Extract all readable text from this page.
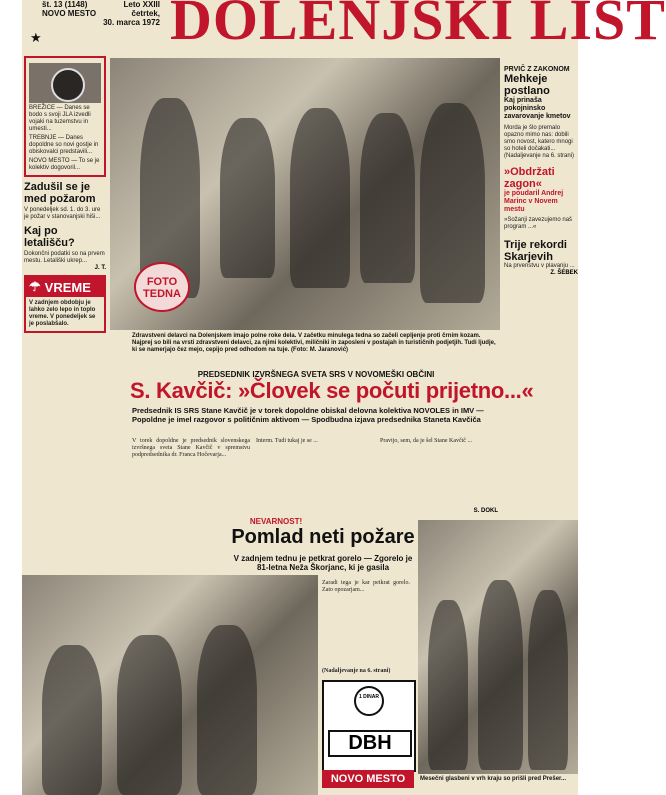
št. 13 (1148)	Leto XXIII
NOVO MESTO	četrtek,
30. marca 1972
★ DOLENJSKI LIST
BREŽICE — Danes se bodo s svoji JLA izvedli vojaki na tuzemstvu in umesti...
TREBNJE — Danes dopoldne so novi gostje in obiskovalci predstavili...
NOVO MESTO — To se je kolektiv dogovoril...
Zadušil se je med požarom
V ponedeljek sd. 1. do 3. ure je požar v stanovanjski hiši...
Kaj po letališču?
Dokončni podatki so na prvem mestu. Letališki ukrep...
J. T.
☂ VREME
V zadnjem obdobju je lahko zelo lepo in toplo vreme. V ponedeljek se je poslabšalo.
FOTO TEDNA
Zdravstveni delavci na Dolenjskem imajo polne roke dela. V začetku minulega tedna so začeli cepljenje proti črnim kozam. Najprej so bili na vrsti zdravstveni delavci, za njimi kolektivi, miličniki in zaposleni v postajah in turističnih podjetjih. Tudi ljudje, ki se namerjajo čez mejo, cepijo pred odhodom na tuje. (Foto: M. Jaranović)
PRVIČ Z ZAKONOM
Mehkeje postlano
Kaj prinaša pokojninsko zavarovanje kmetov
Morda je šlo premalo opazno mimo nas: dobili smo novost, katero mnogi so hoteli dočakati...
(Nadaljevanje na 6. strani)
»Obdržati zagon«
je poudaril Andrej Marinc v Novem mestu
»Sožanji zavezujemo naš program ...«
Trije rekordi Skarjevih
Na prvenstvu v plavanju ...
Z. ŠEBEK
PREDSEDNIK IZVRŠNEGA SVETA SRS V NOVOMEŠKI OBČINI
S. Kavčič: »Človek se počuti prijetno...«
Predsednik IS SRS Stane Kavčič je v torek dopoldne obiskal delovna kolektiva NOVOLES in IMV — Popoldne je imel razgovor s političnim aktivom — Spodbudna izjava predsednika Staneta Kavčiča
V torek dopoldne je predsednik slovenskega izvršnega sveta Stane Kavčič v spremstvu podpredsednika dr. Franca Hočevarja...
Interm. Tudi tukaj je se ...	Pravijo, sem, da je šel Stane Kavčič ...
S. DOKL
NEVARNOST!
Pomlad neti požare
V zadnjem tednu je petkrat gorelo — Zgorelo je 81-letna Neža Škorjanc, ki je gasila
Zaradi tega je kar petkrat gorelo. Zato opozarjam...
(Nadaljevanje na 6. strani)
1 DINAR
DBH
NOVO MESTO	Mesečni glasbeni v vrh kraju so prišli pred Prešer...
